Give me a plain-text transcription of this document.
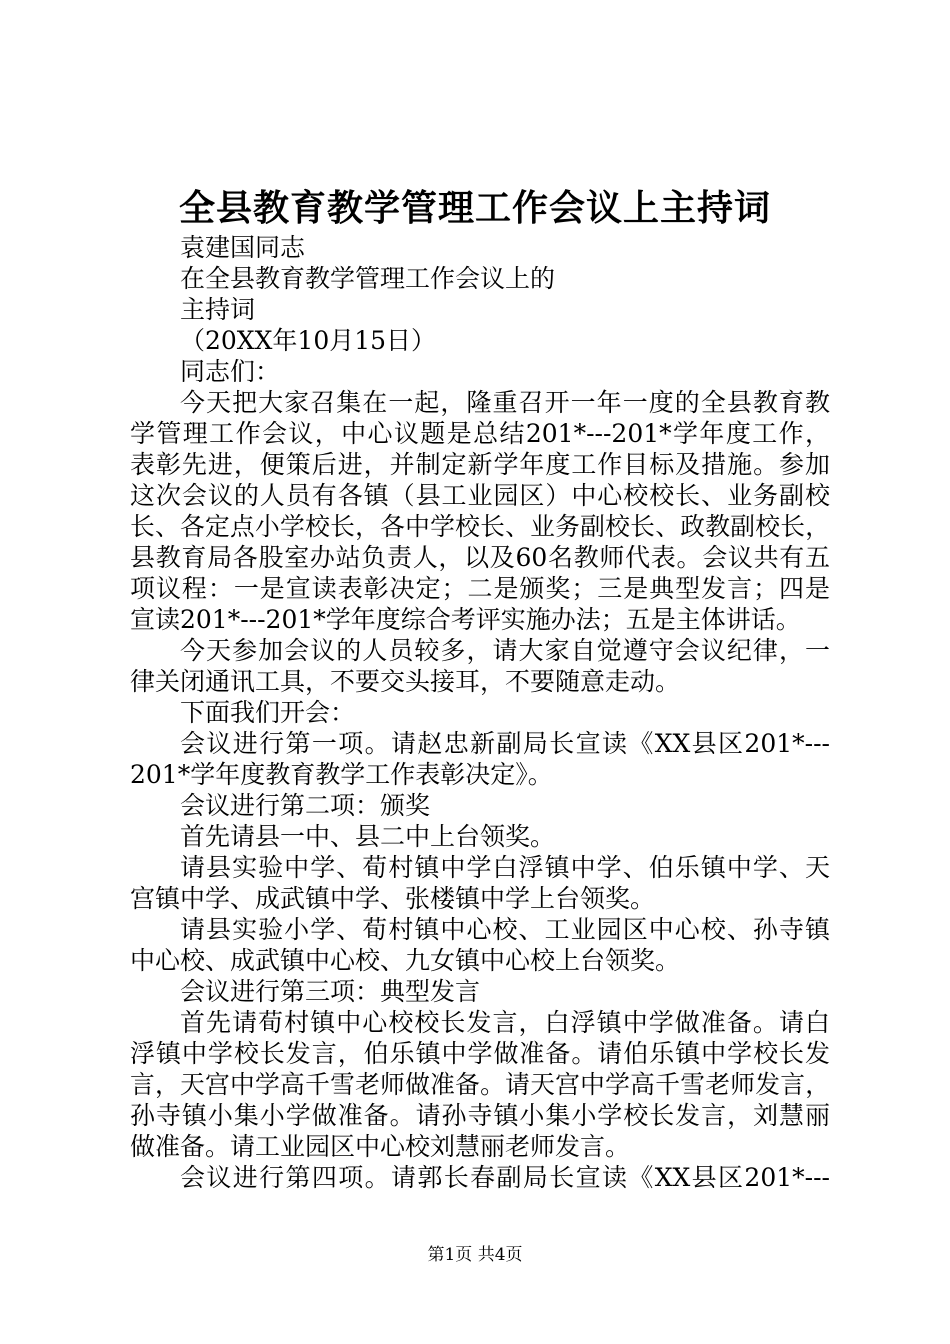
全县教育教学管理工作会议上主持词
袁建国同志
在全县教育教学管理工作会议上的
主持词
（20XX年10月15日）
同志们：
今天把大家召集在一起，隆重召开一年一度的全县教育教
学管理工作会议，中心议题是总结201*---201*学年度工作，
表彰先进，便策后进，并制定新学年度工作目标及措施。参加
这次会议的人员有各镇（县工业园区）中心校校长、业务副校
长、各定点小学校长，各中学校长、业务副校长、政教副校长，
县教育局各股室办站负责人，以及60名教师代表。会议共有五
项议程：一是宣读表彰决定；二是颁奖；三是典型发言；四是
宣读201*---201*学年度综合考评实施办法；五是主体讲话。
今天参加会议的人员较多，请大家自觉遵守会议纪律，一
律关闭通讯工具，不要交头接耳，不要随意走动。
下面我们开会：
会议进行第一项。请赵忠新副局长宣读《XX县区201*---
201*学年度教育教学工作表彰决定》。
会议进行第二项：颁奖
首先请县一中、县二中上台领奖。
请县实验中学、荀村镇中学白浮镇中学、伯乐镇中学、天
宫镇中学、成武镇中学、张楼镇中学上台领奖。
请县实验小学、荀村镇中心校、工业园区中心校、孙寺镇
中心校、成武镇中心校、九女镇中心校上台领奖。
会议进行第三项：典型发言
首先请荀村镇中心校校长发言，白浮镇中学做准备。请白
浮镇中学校长发言，伯乐镇中学做准备。请伯乐镇中学校长发
言，天宫中学高千雪老师做准备。请天宫中学高千雪老师发言，
孙寺镇小集小学做准备。请孙寺镇小集小学校长发言，刘慧丽
做准备。请工业园区中心校刘慧丽老师发言。
会议进行第四项。请郭长春副局长宣读《XX县区201*---
第1页 共4页
